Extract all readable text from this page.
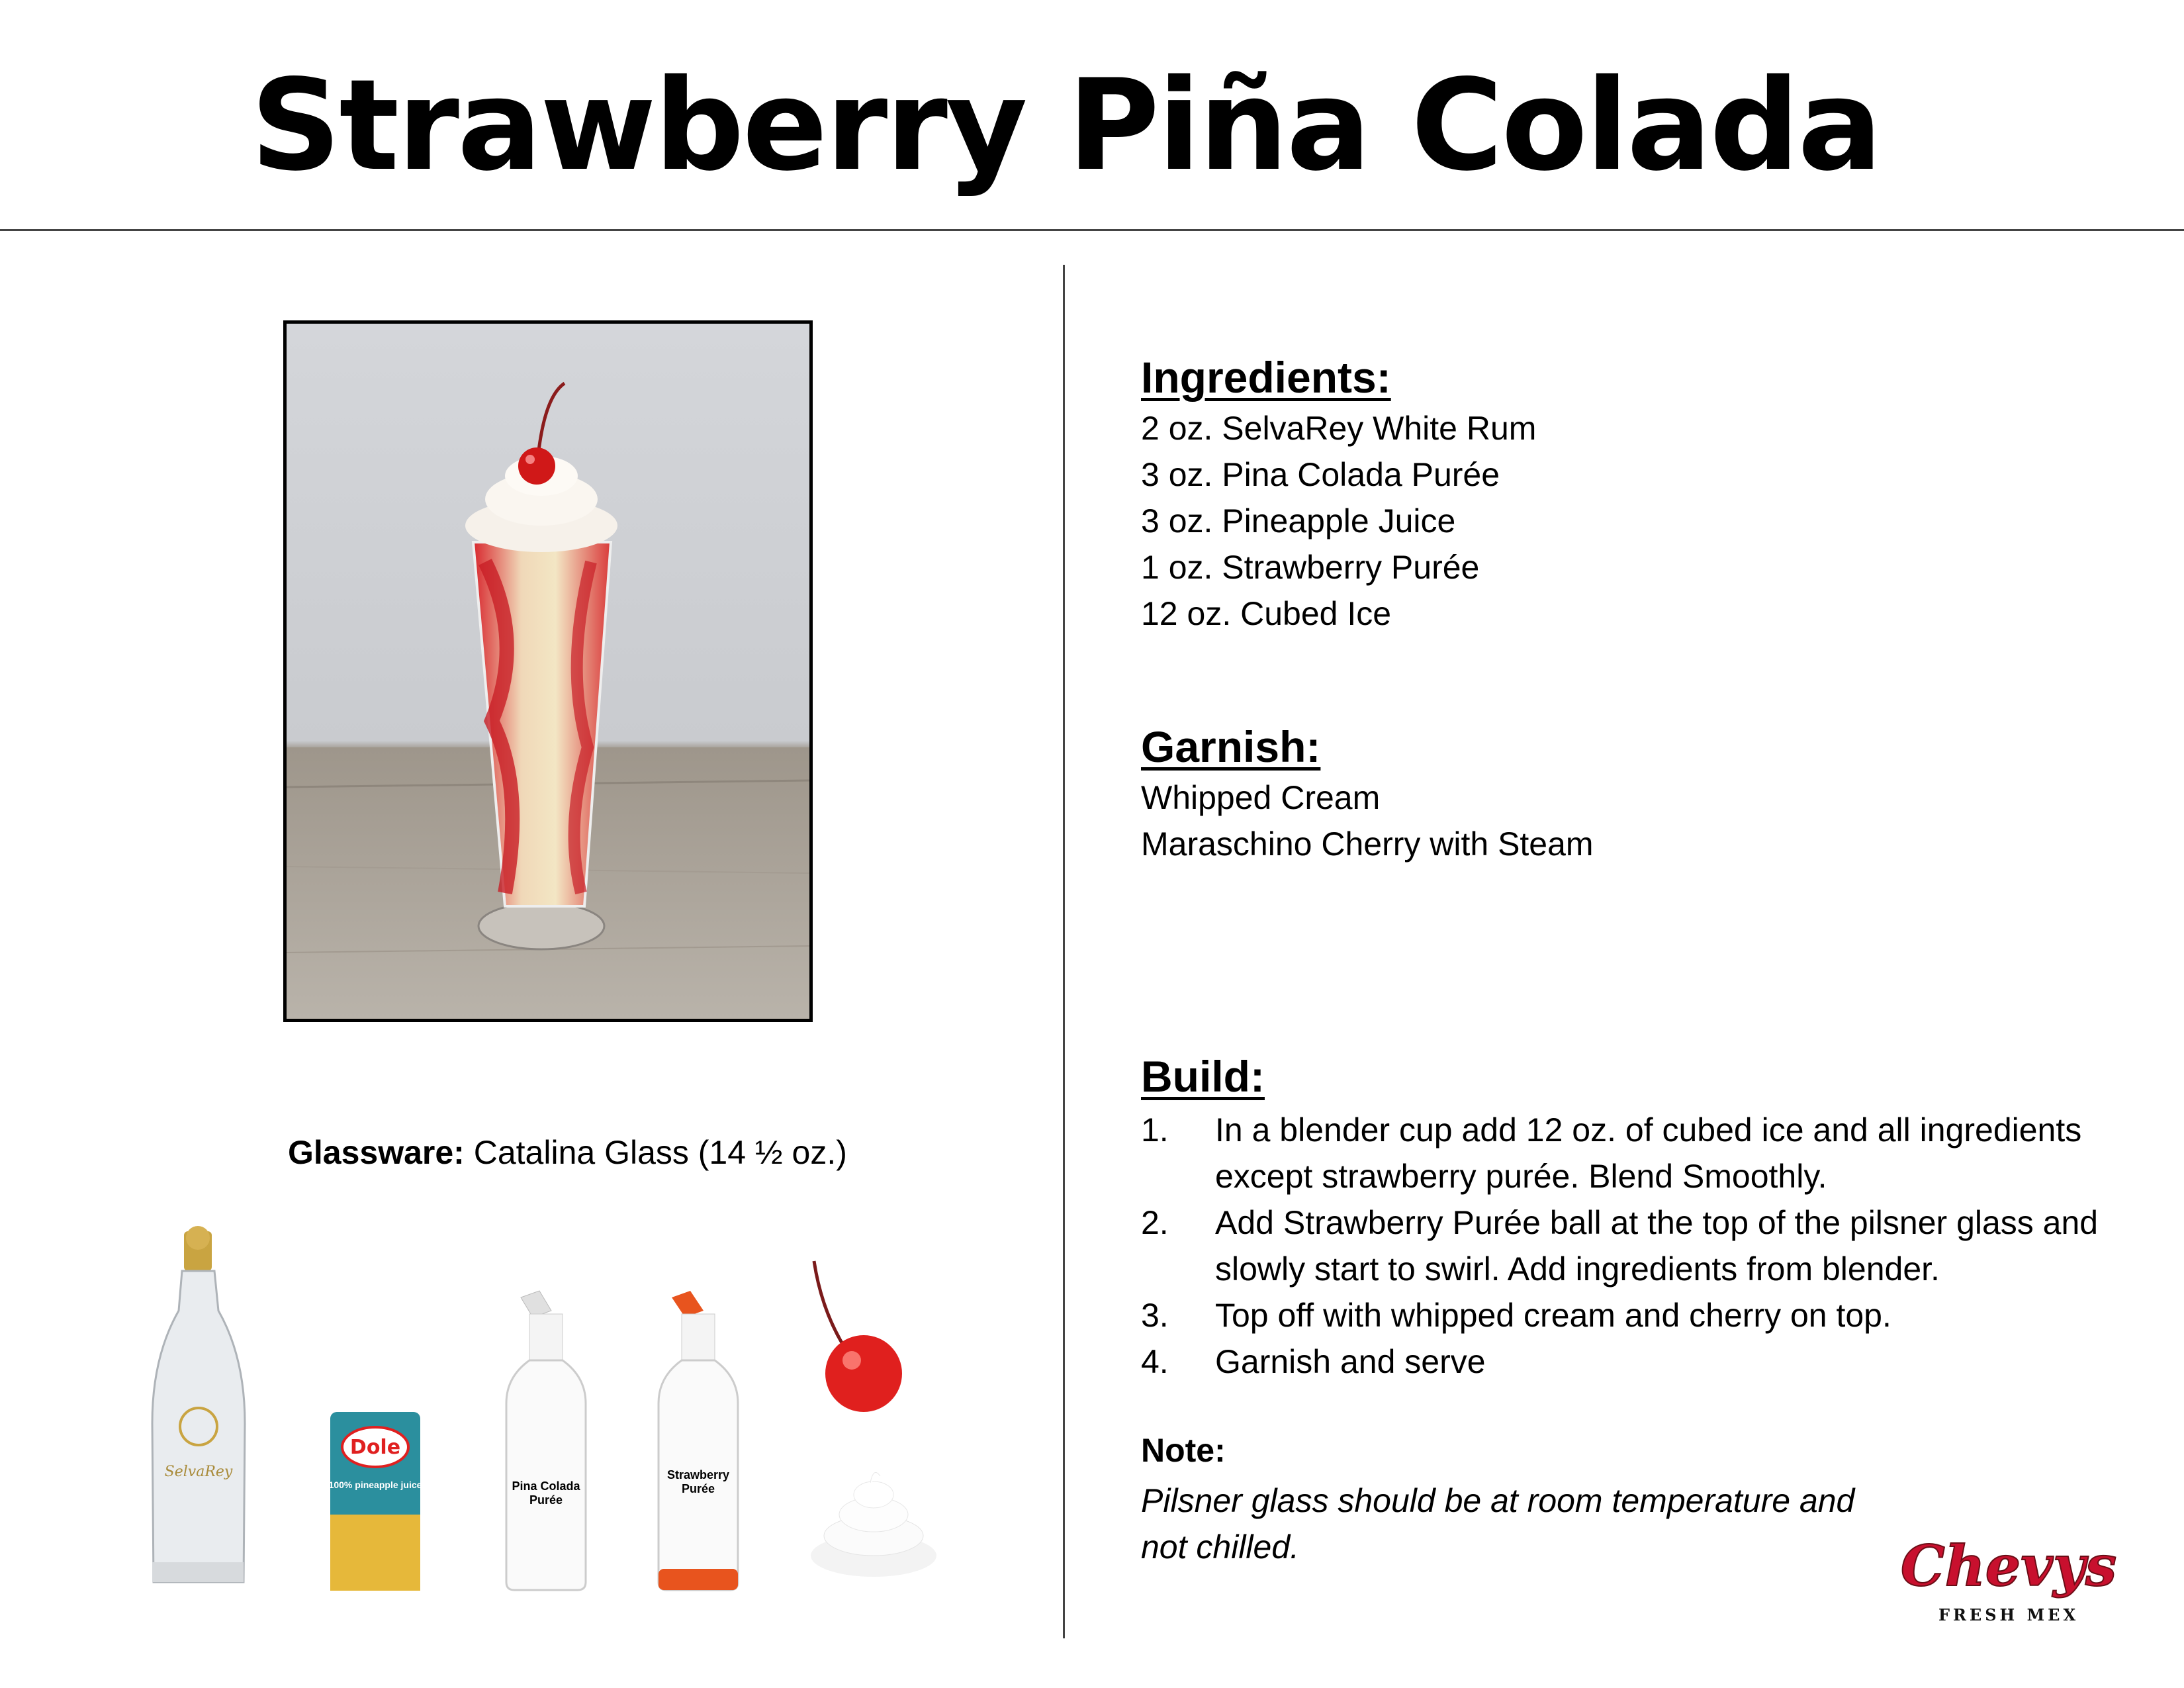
Strawberry Piña Colada
Glassware: Catalina Glass (14 ½ oz.)
SelvaRey
Dole
100% pineapple juice	Pina Colada Purée
Strawberry Purée
Ingredients:
2 oz. SelvaRey White Rum
3 oz. Pina Colada Purée
3 oz. Pineapple Juice
1 oz. Strawberry Purée
12 oz. Cubed Ice
Garnish:
Whipped Cream
Maraschino Cherry with Steam
Build:
1.	In a blender cup add 12 oz. of cubed ice and all ingredients except strawberry purée. Blend Smoothly.
2.	Add Strawberry Purée ball at the top of the pilsner glass and slowly start to swirl. Add ingredients from blender.
3.	Top off with whipped cream and cherry on top.
4.	Garnish and serve
Note:
Pilsner glass should be at room temperature and not chilled.	Chevys
FRESH MEX
